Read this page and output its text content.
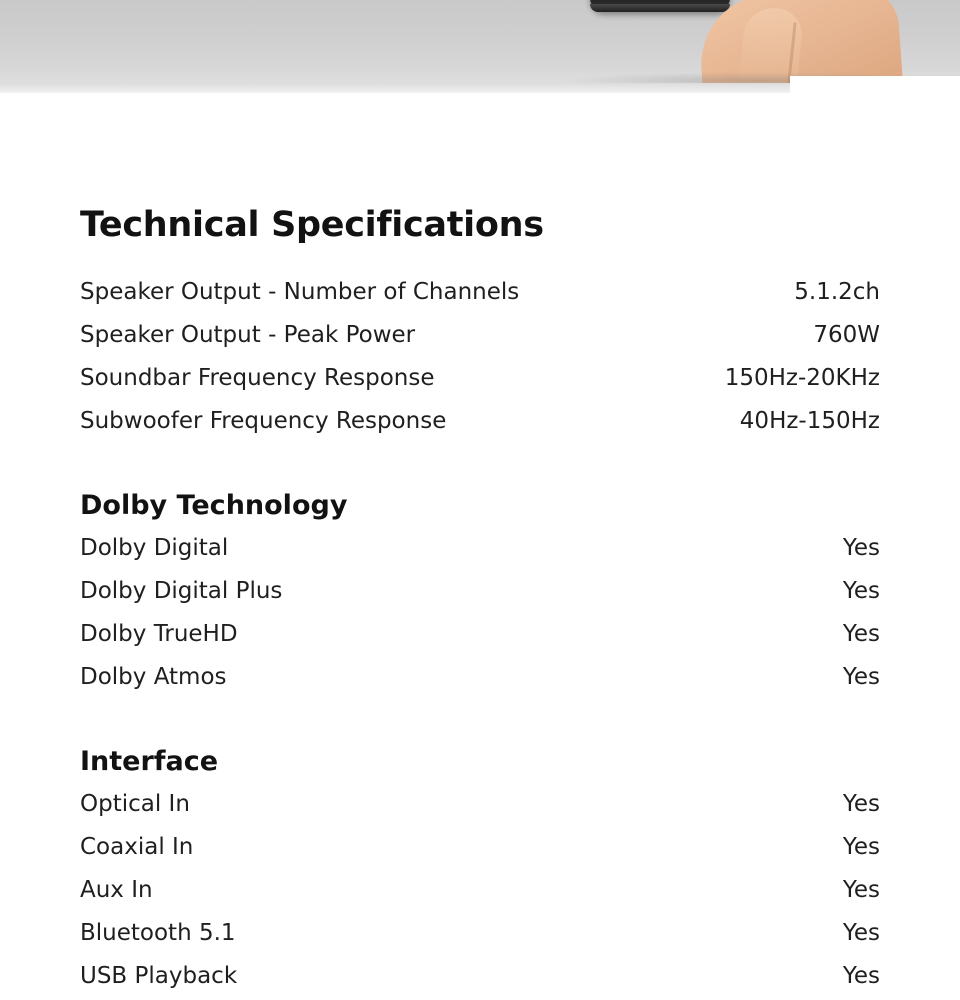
Technical Specifications
Speaker Output - Number of Channels	5.1.2ch
Speaker Output - Peak Power	760W
Soundbar Frequency Response	150Hz-20KHz
Subwoofer Frequency Response	40Hz-150Hz
Dolby Technology
Dolby Digital	Yes
Dolby Digital Plus	Yes
Dolby TrueHD	Yes
Dolby Atmos	Yes
Interface
Optical In	Yes
Coaxial In	Yes
Aux In	Yes
Bluetooth 5.1	Yes
USB Playback	Yes
